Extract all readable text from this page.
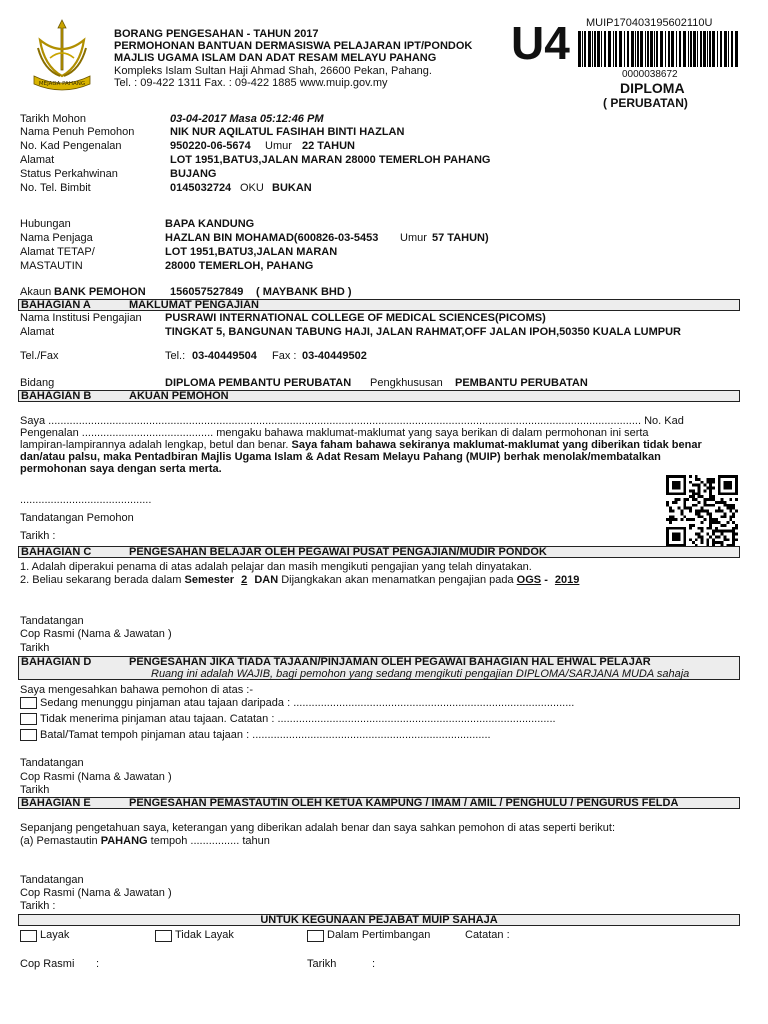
MEJAGA PAHANG
BORANG PENGESAHAN - TAHUN 2017
PERMOHONAN BANTUAN DERMASISWA PELAJARAN IPT/PONDOK
MAJLIS UGAMA ISLAM DAN ADAT RESAM MELAYU PAHANG
Kompleks Islam Sultan Haji Ahmad Shah, 26600 Pekan, Pahang.
Tel. : 09-422 1311 Fax. : 09-422 1885 www.muip.gov.my
U4 MUIP170403195602110U
0000038672
DIPLOMA
( PERUBATAN)
Tarikh Mohon	03-04-2017 Masa 05:12:46 PM
Nama Penuh Pemohon	NIK NUR AQILATUL FASIHAH BINTI HAZLAN
No. Kad Pengenalan	950220-06-5674 Umur 22 TAHUN
Alamat	LOT 1951,BATU3,JALAN MARAN 28000 TEMERLOH PAHANG
Status Perkahwinan	BUJANG
No. Tel. Bimbit	0145032724 OKU BUKAN
Hubungan	BAPA KANDUNG
Nama Penjaga	HAZLAN BIN MOHAMAD(600826-03-5453 Umur 57 TAHUN)
Alamat TETAP/	LOT 1951,BATU3,JALAN MARAN
MASTAUTIN	28000 TEMERLOH, PAHANG
Akaun BANK PEMOHON 156057527849 ( MAYBANK BHD )
BAHAGIAN A	MAKLUMAT PENGAJIAN
Nama Institusi Pengajian PUSRAWI INTERNATIONAL COLLEGE OF MEDICAL SCIENCES(PICOMS)
Alamat	TINGKAT 5, BANGUNAN TABUNG HAJI, JALAN RAHMAT,OFF JALAN IPOH,50350 KUALA LUMPUR
Tel./Fax	Tel.: 03-40449504 Fax : 03-40449502
Bidang	DIPLOMA PEMBANTU PERUBATAN Pengkhususan PEMBANTU PERUBATAN
BAHAGIAN B	AKUAN PEMOHON
Saya .................................................................................................................................................................................................. No. Kad
Pengenalan ........................................... mengaku bahawa maklumat-maklumat yang saya berikan di dalam permohonan ini serta
lampiran-lampirannya adalah lengkap, betul dan benar. Saya faham bahawa sekiranya maklumat-maklumat yang diberikan tidak benar
dan/atau palsu, maka Pentadbiran Majlis Ugama Islam & Adat Resam Melayu Pahang (MUIP) berhak menolak/membatalkan
permohonan saya dengan serta merta.
...........................................
Tandatangan Pemohon
Tarikh :
BAHAGIAN C	PENGESAHAN BELAJAR OLEH PEGAWAI PUSAT PENGAJIAN/MUDIR PONDOK
1. Adalah diperakui penama di atas adalah pelajar dan masih mengikuti pengajian yang telah dinyatakan.
2. Beliau sekarang berada dalam Semester 2 DAN Dijangkakan akan menamatkan pengajian pada OGS - 2019
Tandatangan
Cop Rasmi (Nama & Jawatan )
Tarikh
BAHAGIAN D	PENGESAHAN JIKA TIADA TAJAAN/PINJAMAN OLEH PEGAWAI BAHAGIAN HAL EHWAL PELAJAR
Ruang ini adalah WAJIB, bagi pemohon yang sedang mengikuti pengajian DIPLOMA/SARJANA MUDA sahaja
Saya mengesahkan bahawa pemohon di atas :-
Sedang menunggu pinjaman atau tajaan daripada : ............................................................................................
Tidak menerima pinjaman atau tajaan. Catatan : ...........................................................................................
Batal/Tamat tempoh pinjaman atau tajaan : ..............................................................................
Tandatangan
Cop Rasmi (Nama & Jawatan )
Tarikh
BAHAGIAN E	PENGESAHAN PEMASTAUTIN OLEH KETUA KAMPUNG / IMAM / AMIL / PENGHULU / PENGURUS FELDA
Sepanjang pengetahuan saya, keterangan yang diberikan adalah benar dan saya sahkan pemohon di atas seperti berikut:
(a) Pemastautin PAHANG tempoh ................ tahun
Tandatangan
Cop Rasmi (Nama & Jawatan )
Tarikh :
UNTUK KEGUNAAN PEJABAT MUIP SAHAJA
Layak	Tidak Layak	Dalam Pertimbangan	Catatan :
Cop Rasmi :	Tarikh	:
